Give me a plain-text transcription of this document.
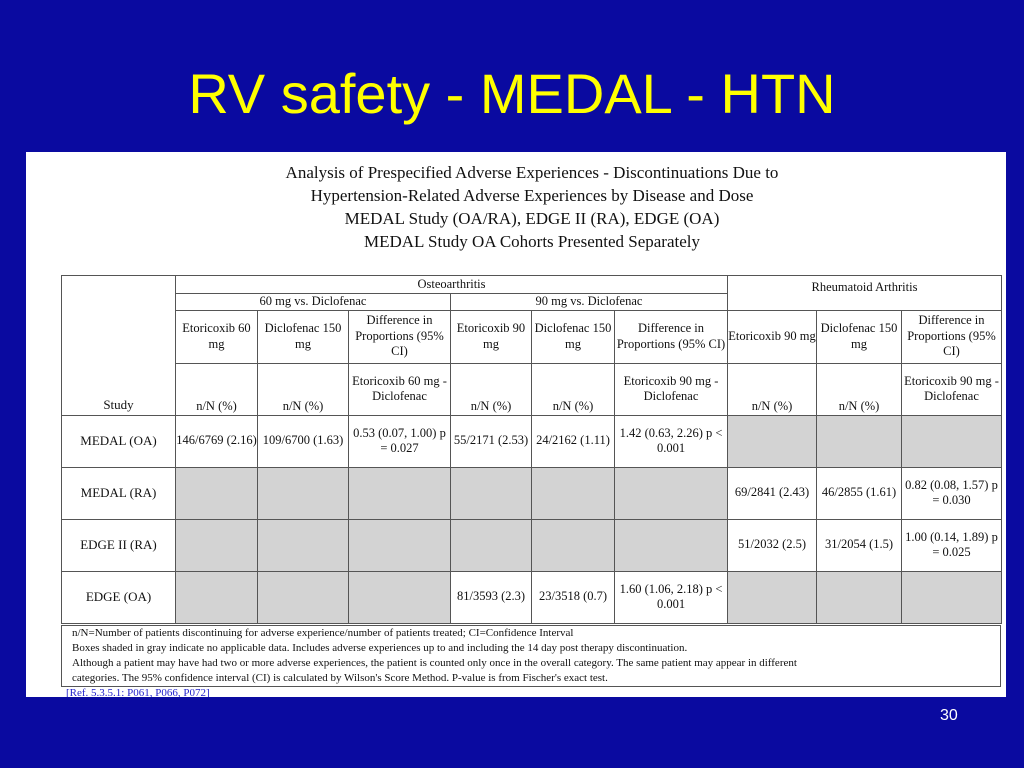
RV safety - MEDAL - HTN
Analysis of Prespecified Adverse Experiences - Discontinuations Due to
Hypertension-Related Adverse Experiences by Disease and Dose
MEDAL Study (OA/RA), EDGE II (RA), EDGE (OA)
MEDAL Study OA Cohorts Presented Separately
Study	Osteoarthritis						Rheumatoid Arthritis		
	60 mg vs. Diclofenac			90 mg vs. Diclofenac					
	Etoricoxib 60 mg	Diclofenac 150 mg	Difference in Proportions (95% CI)	Etoricoxib 90 mg	Diclofenac 150 mg	Difference in Proportions (95% CI)	Etoricoxib 90 mg	Diclofenac 150 mg	Difference in Proportions (95% CI)
	n/N (%)	n/N (%)	Etoricoxib 60 mg - Diclofenac	n/N (%)	n/N (%)	Etoricoxib 90 mg - Diclofenac	n/N (%)	n/N (%)	Etoricoxib 90 mg - Diclofenac
MEDAL (OA)	146/6769 (2.16)	109/6700 (1.63)	0.53 (0.07, 1.00) p = 0.027	55/2171 (2.53)	24/2162 (1.11)	1.42 (0.63, 2.26) p < 0.001			
MEDAL (RA)							69/2841 (2.43)	46/2855 (1.61)	0.82 (0.08, 1.57) p = 0.030
EDGE II (RA)							51/2032 (2.5)	31/2054 (1.5)	1.00 (0.14, 1.89) p = 0.025
EDGE (OA)				81/3593 (2.3)	23/3518 (0.7)	1.60 (1.06, 2.18) p < 0.001			
n/N=Number of patients discontinuing for adverse experience/number of patients treated; CI=Confidence Interval
Boxes shaded in gray indicate no applicable data. Includes adverse experiences up to and including the 14 day post therapy discontinuation.
Although a patient may have had two or more adverse experiences, the patient is counted only once in the overall category. The same patient may appear in different
categories. The 95% confidence interval (CI) is calculated by Wilson's Score Method. P-value is from Fischer's exact test.
[Ref. 5.3.5.1: P061, P066, P072]
30
